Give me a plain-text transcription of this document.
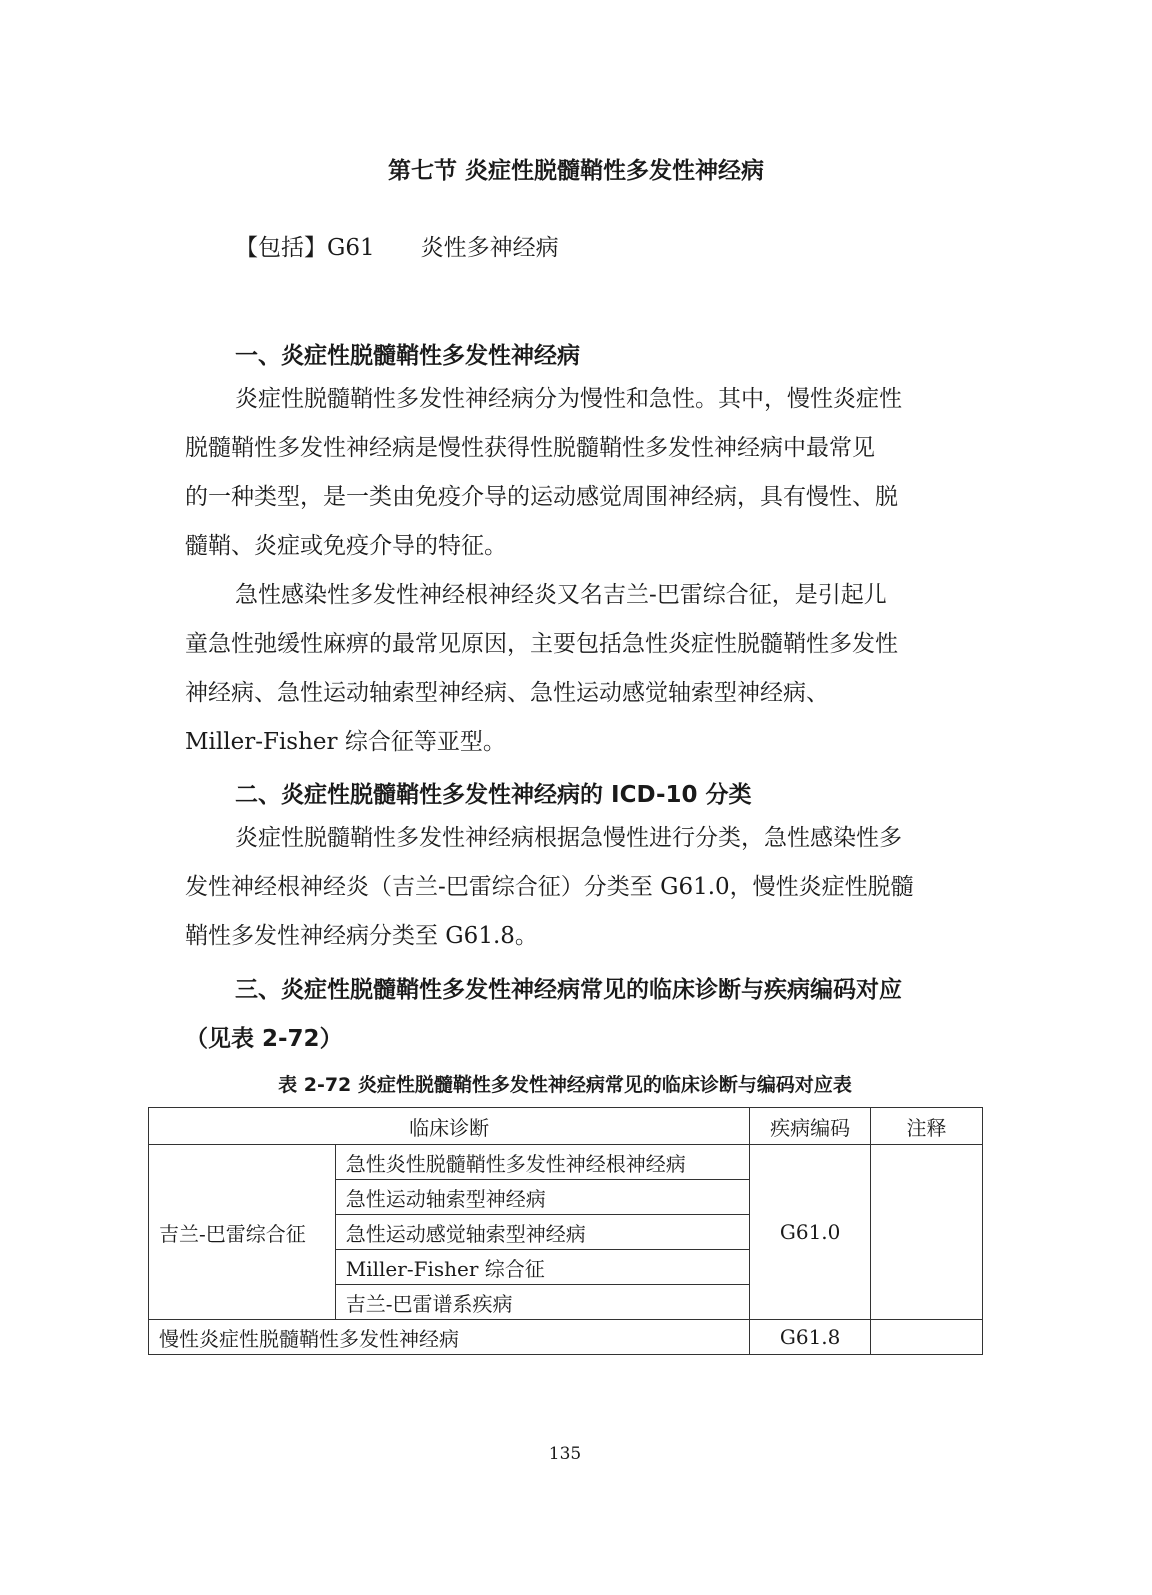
第七节 炎症性脱髓鞘性多发性神经病
【包括】G61 炎性多神经病
一、炎症性脱髓鞘性多发性神经病
炎症性脱髓鞘性多发性神经病分为慢性和急性。其中，慢性炎症性
脱髓鞘性多发性神经病是慢性获得性脱髓鞘性多发性神经病中最常见
的一种类型，是一类由免疫介导的运动感觉周围神经病，具有慢性、脱
髓鞘、炎症或免疫介导的特征。
急性感染性多发性神经根神经炎又名吉兰-巴雷综合征，是引起儿
童急性弛缓性麻痹的最常见原因，主要包括急性炎症性脱髓鞘性多发性
神经病、急性运动轴索型神经病、急性运动感觉轴索型神经病、
Miller-Fisher 综合征等亚型。
二、炎症性脱髓鞘性多发性神经病的 ICD-10 分类
炎症性脱髓鞘性多发性神经病根据急慢性进行分类，急性感染性多
发性神经根神经炎（吉兰-巴雷综合征）分类至 G61.0，慢性炎症性脱髓
鞘性多发性神经病分类至 G61.8。
三、炎症性脱髓鞘性多发性神经病常见的临床诊断与疾病编码对应
（见表 2-72）
表 2-72 炎症性脱髓鞘性多发性神经病常见的临床诊断与编码对应表
临床诊断		疾病编码	注释
吉兰-巴雷综合征	急性炎性脱髓鞘性多发性神经根神经病	G61.0	
	急性运动轴索型神经病		
	急性运动感觉轴索型神经病		
	Miller-Fisher 综合征		
	吉兰-巴雷谱系疾病		
慢性炎症性脱髓鞘性多发性神经病		G61.8	
135
